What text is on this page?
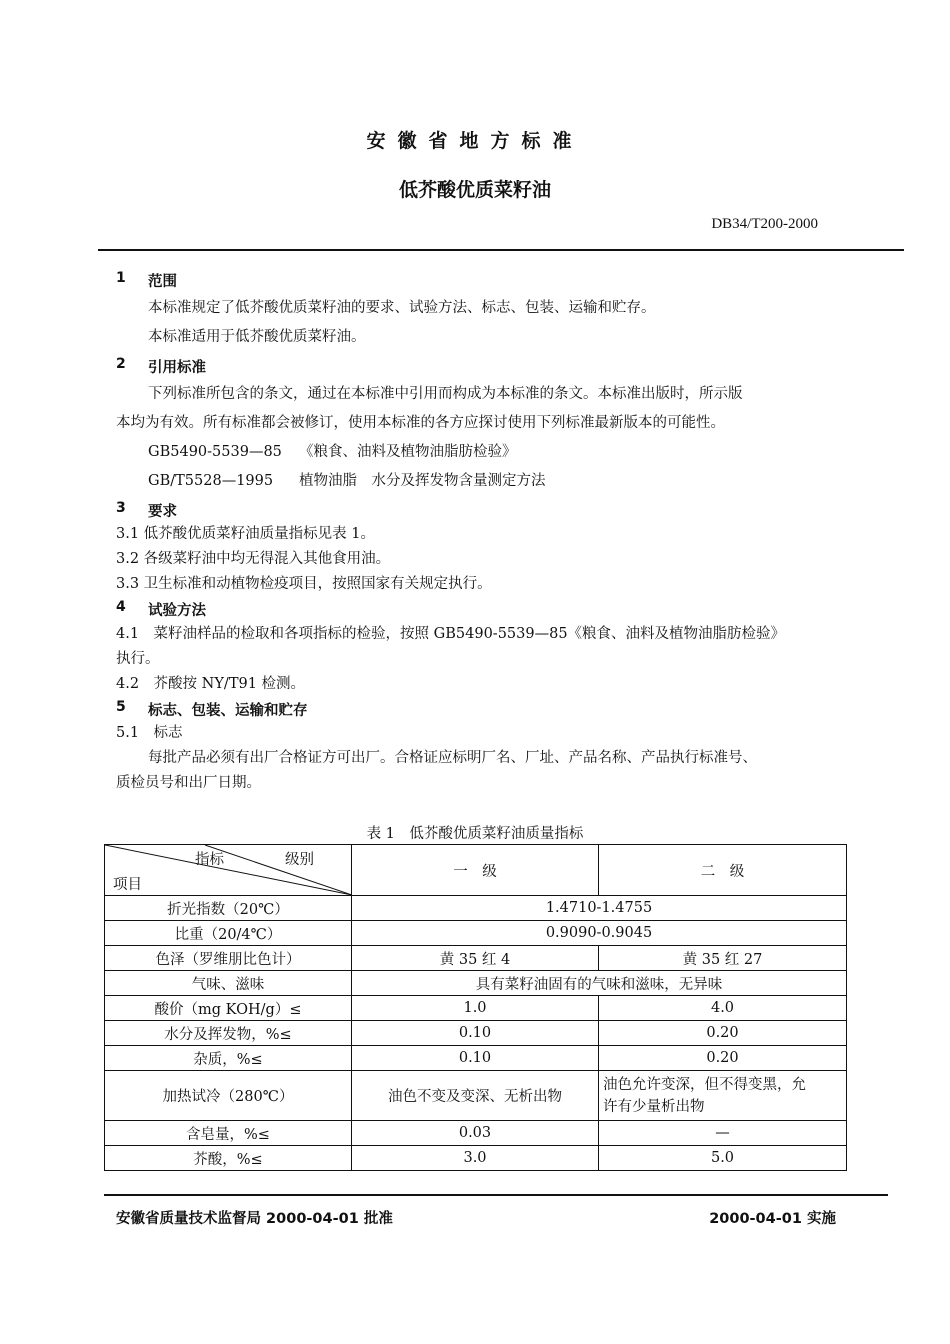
安徽省地方标准
低芥酸优质菜籽油
DB34/T200-2000
1 范围
本标准规定了低芥酸优质菜籽油的要求、试验方法、标志、包装、运输和贮存。
本标准适用于低芥酸优质菜籽油。
2 引用标准
下列标准所包含的条文，通过在本标准中引用而构成为本标准的条文。本标准出版时，所示版
本均为有效。所有标准都会被修订，使用本标准的各方应探讨使用下列标准最新版本的可能性。
GB5490-5539—85 《粮食、油料及植物油脂肪检验》
GB/T5528—1995 植物油脂　水分及挥发物含量测定方法
3 要求
3.1 低芥酸优质菜籽油质量指标见表 1。
3.2 各级菜籽油中均无得混入其他食用油。
3.3 卫生标准和动植物检疫项目，按照国家有关规定执行。
4 试验方法
4.1　菜籽油样品的检取和各项指标的检验，按照 GB5490-5539—85《粮食、油料及植物油脂肪检验》
执行。
4.2　芥酸按 NY/T91 检测。
5 标志、包装、运输和贮存
5.1　标志
每批产品必须有出厂合格证方可出厂。合格证应标明厂名、厂址、产品名称、产品执行标准号、
质检员号和出厂日期。
表 1　低芥酸优质菜籽油质量指标
指标 级别
项目	一　级	二　级
折光指数（20℃）	1.4710-1.4755	
比重（20/4℃）	0.9090-0.9045	
色泽（罗维朋比色计）	黄 35 红 4	黄 35 红 27
气味、滋味	具有菜籽油固有的气味和滋味，无异味	
酸价（mg KOH/g）≤	1.0	4.0
水分及挥发物，%≤	0.10	0.20
杂质，%≤	0.10	0.20
加热试冷（280℃）	油色不变及变深、无析出物	油色允许变深，但不得变黑，允
许有少量析出物

含皂量，%≤	0.03	—
芥酸，%≤	3.0	5.0
安徽省质量技术监督局 2000-04-01 批准	2000-04-01 实施
